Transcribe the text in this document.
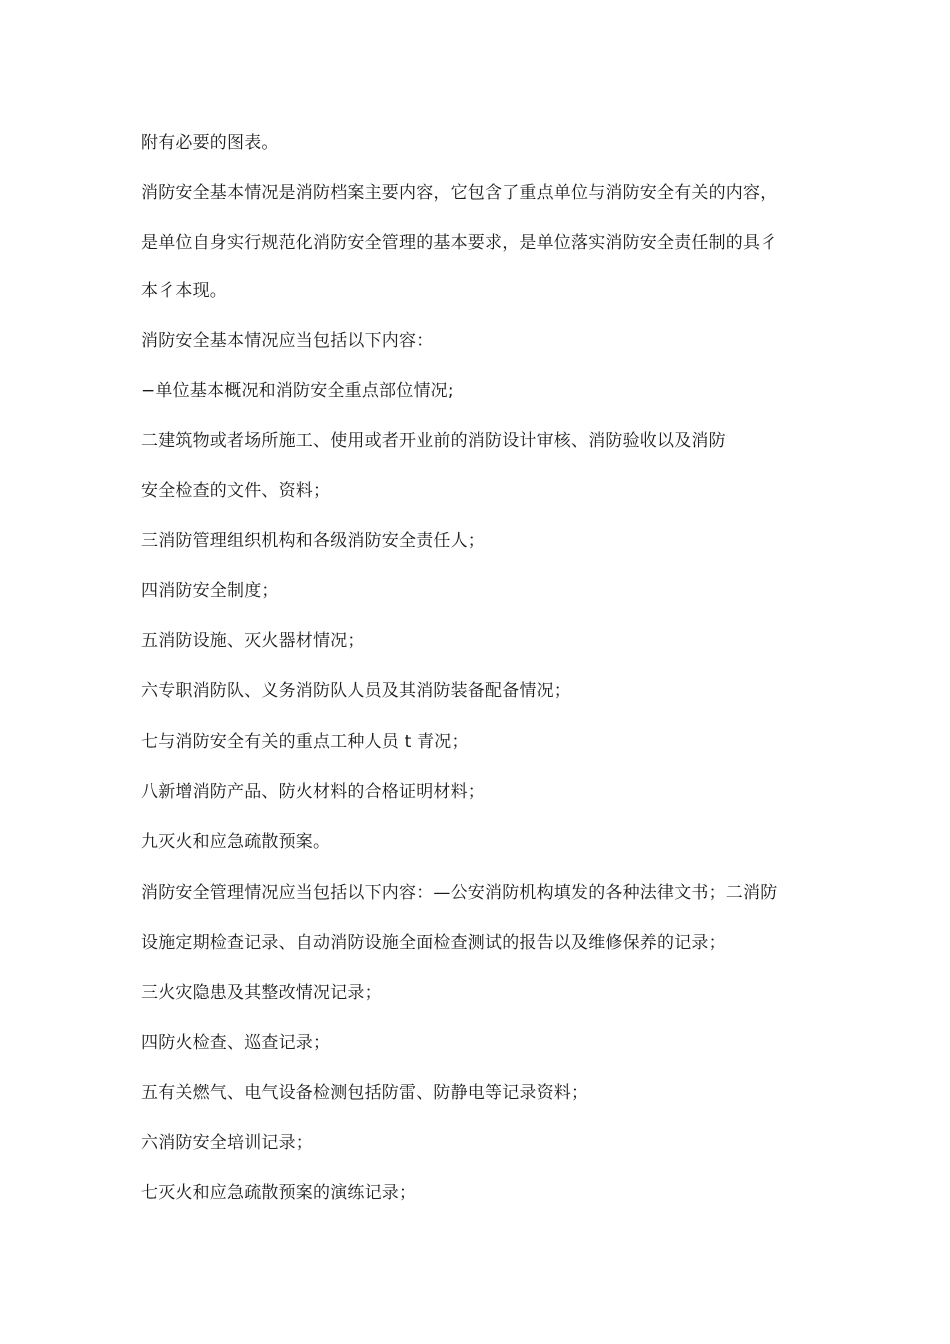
附有必要的图表。
消防安全基本情况是消防档案主要内容，它包含了重点单位与消防安全有关的内容，
是单位自身实行规范化消防安全管理的基本要求，是单位落实消防安全责任制的具彳
本彳本现。
消防安全基本情况应当包括以下内容：
−单位基本概况和消防安全重点部位情况;
二建筑物或者场所施工、使用或者开业前的消防设计审核、消防验收以及消防
安全检查的文件、资料；
三消防管理组织机构和各级消防安全责任人；
四消防安全制度；
五消防设施、灭火器材情况；
六专职消防队、义务消防队人员及其消防装备配备情况；
七与消防安全有关的重点工种人员 t 青况；
八新增消防产品、防火材料的合格证明材料；
九灭火和应急疏散预案。
消防安全管理情况应当包括以下内容：—公安消防机构填发的各种法律文书；二消防
设施定期检查记录、自动消防设施全面检查测试的报告以及维修保养的记录；
三火灾隐患及其整改情况记录；
四防火检查、巡查记录；
五有关燃气、电气设备检测包括防雷、防静电等记录资料；
六消防安全培训记录；
七灭火和应急疏散预案的演练记录；
